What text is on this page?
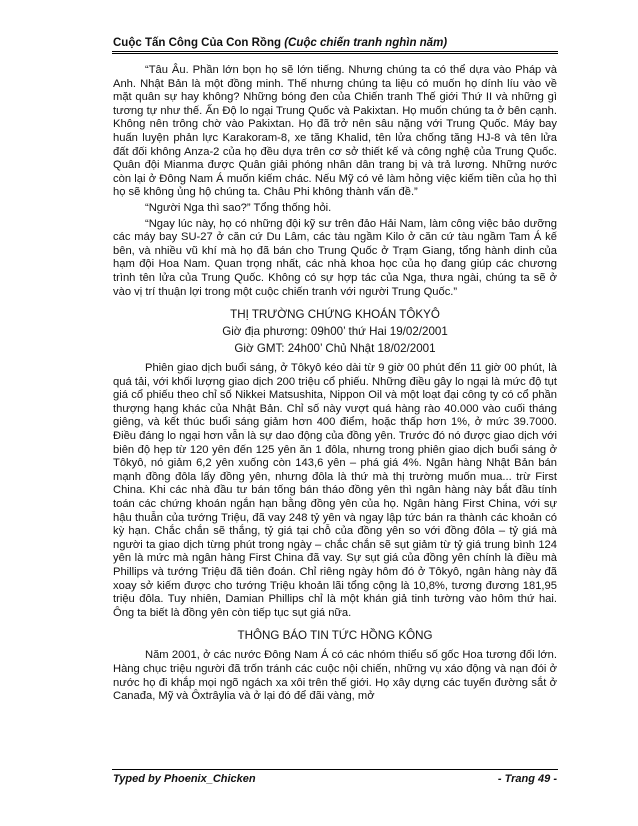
Cuộc Tấn Công Của Con Rồng (Cuộc chiến tranh nghìn năm)

“Tâu Âu. Phần lớn bọn họ sẽ lớn tiếng. Nhưng chúng ta có thể dựa vào Pháp và Anh. Nhật Bản là một đồng minh. Thế nhưng chúng ta liệu có muốn họ dính líu vào về mặt quân sự hay không? Những bóng đen của Chiến tranh Thế giới Thứ II và những gì tương tự như thế. Ấn Độ lo ngại Trung Quốc và Pakixtan. Họ muốn chúng ta ở bên cạnh. Không nên trông chờ vào Pakixtan. Họ đã trở nên sâu nặng với Trung Quốc. Máy bay huấn luyện phản lực Karakoram-8, xe tăng Khalid, tên lửa chống tăng HJ-8 và tên lửa đất đối không Anza-2 của họ đều dựa trên cơ sở thiết kế và công nghệ của Trung Quốc. Quân đội Mianma được Quân giải phóng nhân dân trang bị và trả lương. Những nước còn lại ở Đông Nam Á muốn kiếm chác. Nếu Mỹ có vẻ làm hỏng việc kiếm tiền của họ thì họ sẽ không ủng hộ chúng ta. Châu Phi không thành vấn đề.”

“Người Nga thì sao?” Tổng thống hỏi.

“Ngay lúc này, họ có những đội kỹ sư trên đảo Hải Nam, làm công việc bảo dưỡng các máy bay SU-27 ở căn cứ Du Lâm, các tàu ngầm Kilo ở căn cứ tàu ngầm Tam Á kế bên, và nhiều vũ khí mà họ đã bán cho Trung Quốc ở Trạm Giang, tổng hành dinh của hạm đội Hoa Nam. Quan trọng nhất, các nhà khoa học của họ đang giúp các chương trình tên lửa của Trung Quốc. Không có sự hợp tác của Nga, thưa ngài, chúng ta sẽ ở vào vị trí thuận lợi trong một cuộc chiến tranh với người Trung Quốc.”

THỊ TRƯỜNG CHỨNG KHOÁN TÔKYÔ

Giờ địa phương: 09h00’ thứ Hai 19/02/2001

Giờ GMT: 24h00’ Chủ Nhật 18/02/2001

Phiên giao dịch buổi sáng, ở Tôkyô kéo dài từ 9 giờ 00 phút đến 11 giờ 00 phút, là quá tải, với khối lượng giao dịch 200 triệu cổ phiếu. Những điều gây lo ngại là mức độ tụt giá cổ phiếu theo chỉ số Nikkei Matsushita, Nippon Oil và một loạt đại công ty có cổ phần thượng hạng khác của Nhật Bản. Chỉ số này vượt quá hàng rào 40.000 vào cuối tháng giêng, và kết thúc buổi sáng giảm hơn 400 điểm, hoặc thấp hơn 1%, ở mức 39.7000. Điều đáng lo ngại hơn vẫn là sự dao động của đồng yên. Trước đó nó được giao dịch với biên độ hẹp từ 120 yên đến 125 yên ăn 1 đôla, nhưng trong phiên giao dịch buổi sáng ở Tôkyô, nó giảm 6,2 yên xuống còn 143,6 yên – phá giá 4%. Ngân hàng Nhật Bản bán mạnh đồng đôla lấy đồng yên, nhưng đôla là thứ mà thị trường muốn mua... trừ First China. Khi các nhà đầu tư bán tống bán tháo đồng yên thì ngân hàng này bắt đầu tính toán các chứng khoán ngắn hạn bằng đồng yên của họ. Ngân hàng First China, với sự hậu thuẫn của tướng Triệu, đã vay 248 tỷ yên và ngay lập tức bán ra thành các khoản có kỳ hạn. Chắc chắn sẽ thắng, tỷ giá tại chỗ của đồng yên so với đồng đôla – tỷ giá mà người ta giao dịch từng phút trong ngày – chắc chắn sẽ sụt giảm từ tỷ giá trung bình 124 yên là mức mà ngân hàng First China đã vay. Sự sụt giá của đồng yên chính là điều mà Phillips và tướng Triệu đã tiên đoán. Chỉ riêng ngày hôm đó ở Tôkyô, ngân hàng này đã xoay sở kiếm được cho tướng Triệu khoản lãi tổng cộng là 10,8%, tương đương 181,95 triệu đôla. Tuy nhiên, Damian Phillips chỉ là một khán giả tinh tường vào hôm thứ hai. Ông ta biết là đồng yên còn tiếp tục sụt giá nữa.

THÔNG BÁO TIN TỨC HỒNG KÔNG

Năm 2001, ở các nước Đông Nam Á có các nhóm thiểu số gốc Hoa tương đối lớn. Hàng chục triệu người đã trốn tránh các cuộc nội chiến, những vụ xáo động và nạn đói ở nước họ đi khắp mọi ngõ ngách xa xôi trên thế giới. Họ xây dựng các tuyến đường sắt ở Canađa, Mỹ và Ôxtrâylia và ở lại đó để đãi vàng, mở

Typed by Phoenix_Chicken	- Trang 49 -
